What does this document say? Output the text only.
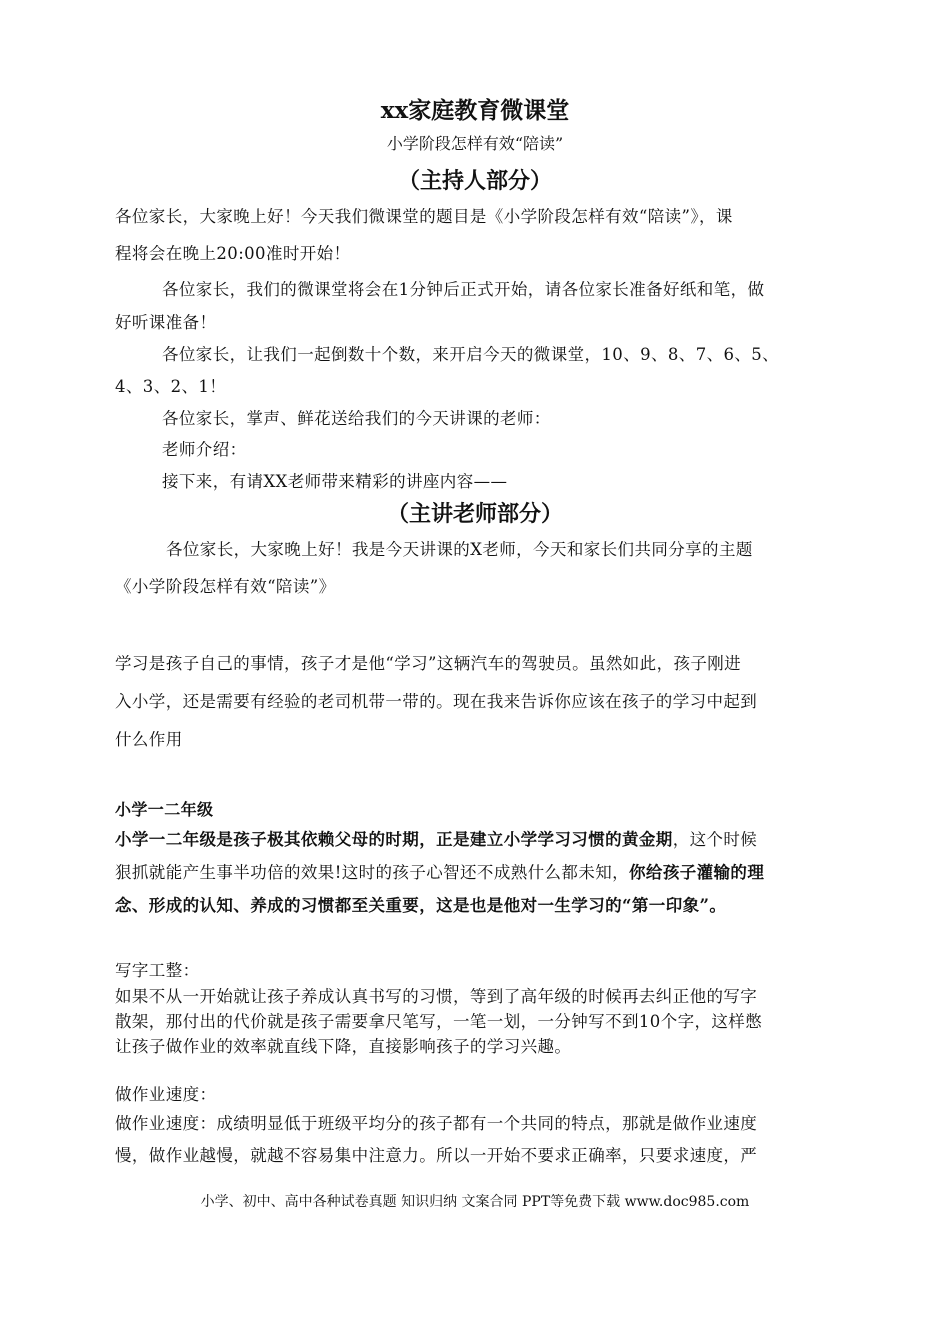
xx家庭教育微课堂

小学阶段怎样有效“陪读”

（主持人部分）

各位家长，大家晚上好！今天我们微课堂的题目是《小学阶段怎样有效“陪读”》，课

程将会在晚上20:00准时开始！

各位家长，我们的微课堂将会在1分钟后正式开始，请各位家长准备好纸和笔，做

好听课准备！

各位家长，让我们一起倒数十个数，来开启今天的微课堂，10、9、8、7、6、5、

4、3、2、1！

各位家长，掌声、鲜花送给我们的今天讲课的老师：

老师介绍：

接下来，有请XX老师带来精彩的讲座内容——

（主讲老师部分）

各位家长，大家晚上好！我是今天讲课的X老师，今天和家长们共同分享的主题

《小学阶段怎样有效“陪读”》

学习是孩子自己的事情，孩子才是他“学习”这辆汽车的驾驶员。虽然如此，孩子刚进

入小学，还是需要有经验的老司机带一带的。现在我来告诉你应该在孩子的学习中起到

什么作用

小学一二年级

小学一二年级是孩子极其依赖父母的时期，正是建立小学学习习惯的黄金期，这个时候

狠抓就能产生事半功倍的效果!这时的孩子心智还不成熟什么都未知，你给孩子灌输的理

念、形成的认知、养成的习惯都至关重要，这是也是他对一生学习的“第一印象”。

写字工整：

如果不从一开始就让孩子养成认真书写的习惯，等到了高年级的时候再去纠正他的写字

散架，那付出的代价就是孩子需要拿尺笔写，一笔一划，一分钟写不到10个字，这样憋

让孩子做作业的效率就直线下降，直接影响孩子的学习兴趣。

做作业速度：

做作业速度：成绩明显低于班级平均分的孩子都有一个共同的特点，那就是做作业速度

慢，做作业越慢，就越不容易集中注意力。所以一开始不要求正确率，只要求速度，严

小学、初中、高中各种试卷真题 知识归纳 文案合同 PPT等免费下载 www.doc985.com
